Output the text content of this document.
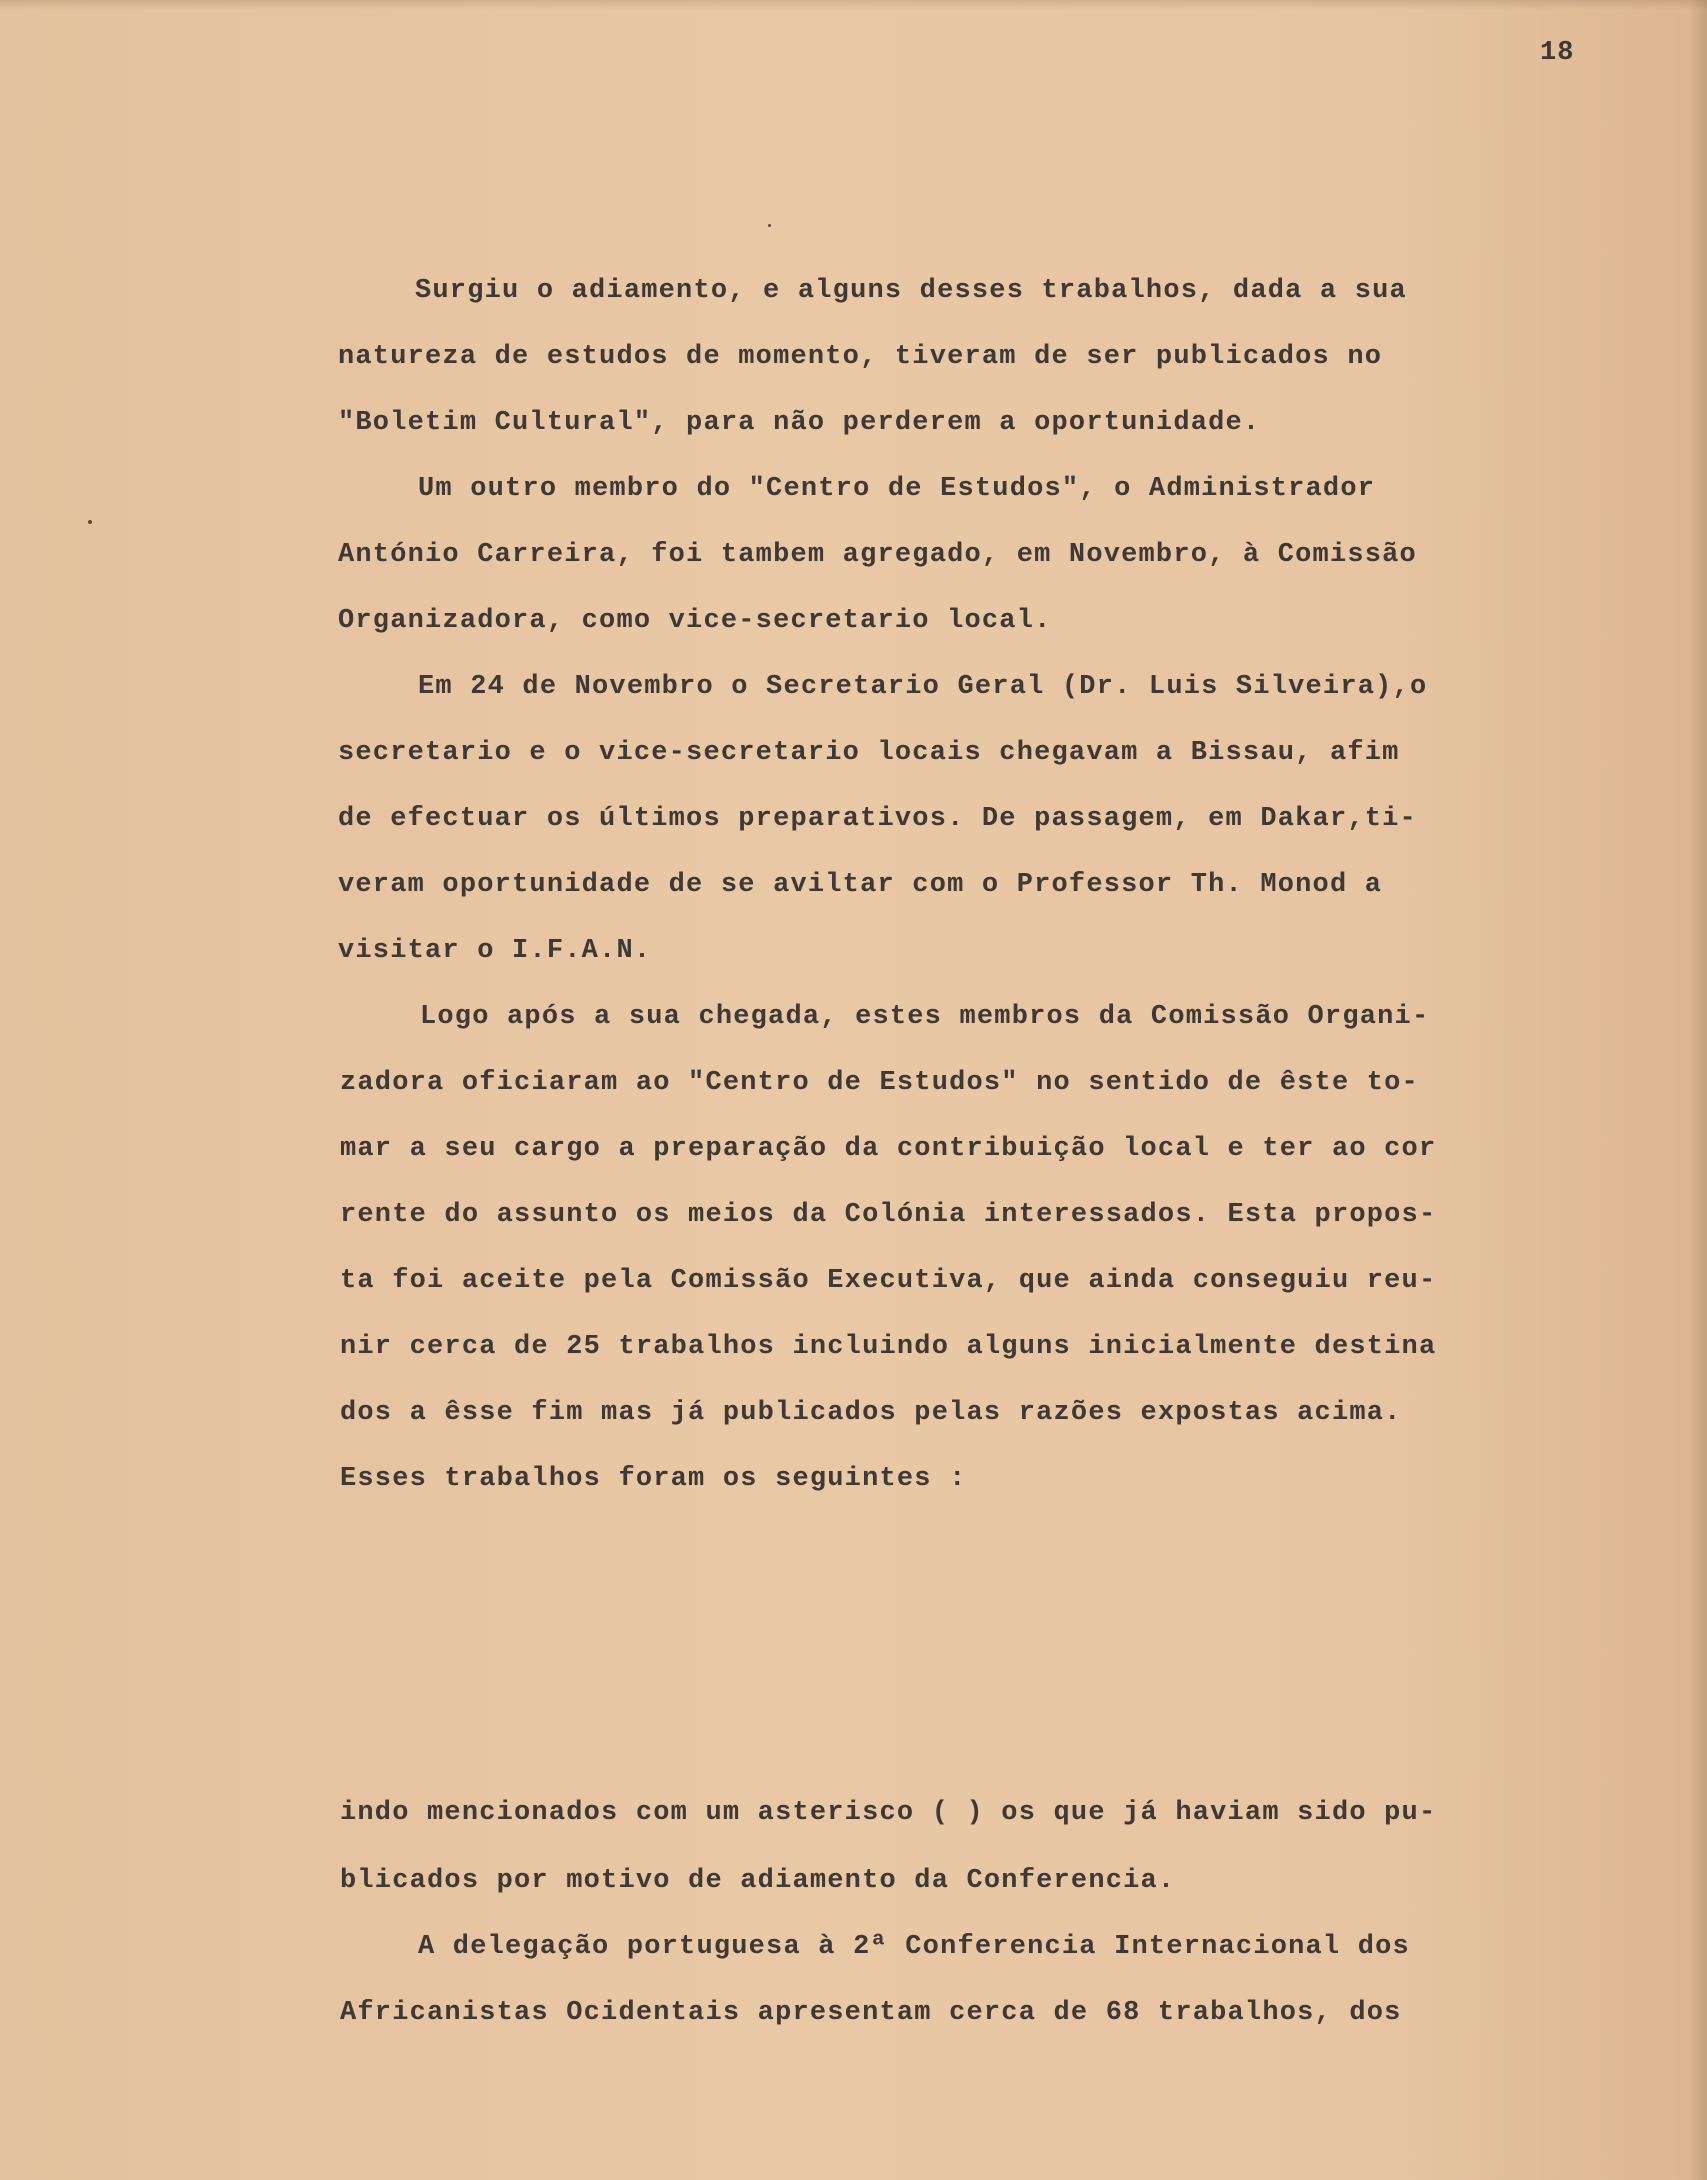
18
Surgiu o adiamento, e alguns desses trabalhos, dada a sua
natureza de estudos de momento, tiveram de ser publicados no
"Boletim Cultural", para não perderem a oportunidade.
Um outro membro do "Centro de Estudos", o Administrador
António Carreira, foi tambem agregado, em Novembro, à Comissão
Organizadora, como vice-secretario local.
Em 24 de Novembro o Secretario Geral (Dr. Luis Silveira),o
secretario e o vice-secretario locais chegavam a Bissau, afim
de efectuar os últimos preparativos. De passagem, em Dakar,ti-
veram oportunidade de se aviltar com o Professor Th. Monod a
visitar o I.F.A.N.
Logo após a sua chegada, estes membros da Comissão Organi-
zadora oficiaram ao "Centro de Estudos" no sentido de êste to-
mar a seu cargo a preparação da contribuição local e ter ao cor
rente do assunto os meios da Colónia interessados. Esta propos-
ta foi aceite pela Comissão Executiva, que ainda conseguiu reu-
nir cerca de 25 trabalhos incluindo alguns inicialmente destina
dos a êsse fim mas já publicados pelas razões expostas acima.
Esses trabalhos foram os seguintes :
indo mencionados com um asterisco ( ) os que já haviam sido pu-
blicados por motivo de adiamento da Conferencia.
A delegação portuguesa à 2ª Conferencia Internacional dos
Africanistas Ocidentais apresentam cerca de 68 trabalhos, dos
